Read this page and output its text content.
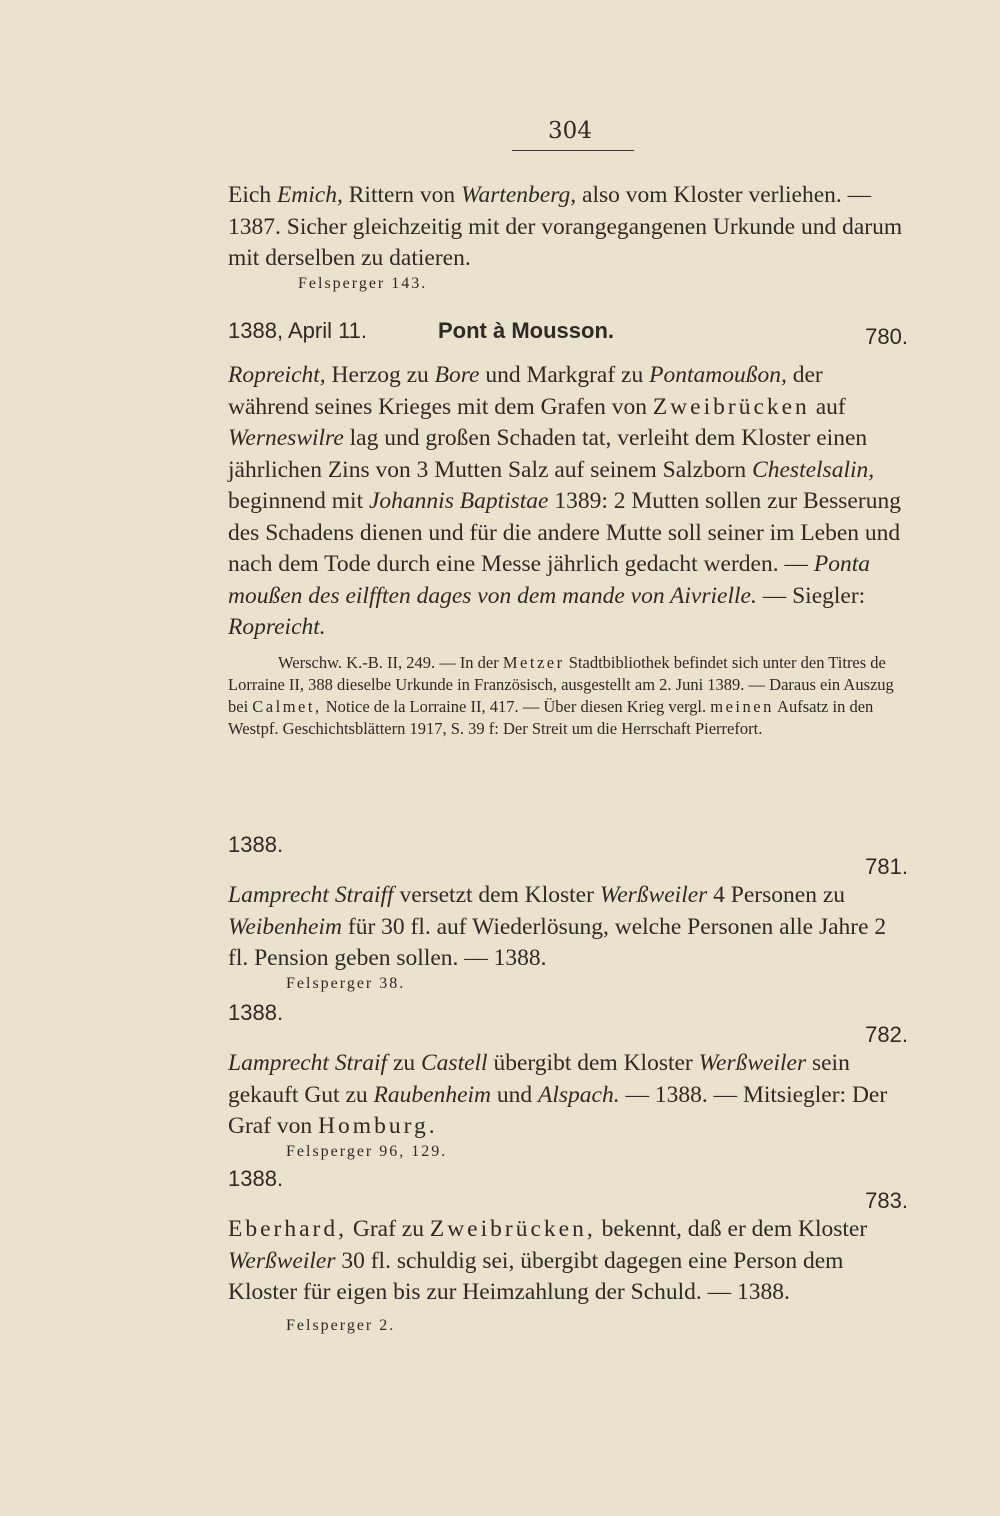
304

Eich Emich, Rittern von Wartenberg, also vom Kloster verliehen. — 1387. Sicher gleichzeitig mit der vorangegangenen Urkunde und darum mit derselben zu datieren.

Felsperger 143.
1388, April 11.	Pont à Mousson.	780.

Ropreicht, Herzog zu Bore und Markgraf zu Pontamoußon, der während seines Krieges mit dem Grafen von Zweibrücken auf Werneswilre lag und großen Schaden tat, verleiht dem Kloster einen jährlichen Zins von 3 Mutten Salz auf seinem Salzborn Chestelsalin, beginnend mit Johannis Baptistae 1389: 2 Mutten sollen zur Besserung des Schadens dienen und für die andere Mutte soll seiner im Leben und nach dem Tode durch eine Messe jährlich gedacht werden. — Ponta moußen des eilfften dages von dem mande von Aivrielle. — Siegler: Ropreicht.

Werschw. K.-B. II, 249. — In der Metzer Stadtbibliothek befindet sich unter den Titres de Lorraine II, 388 dieselbe Urkunde in Französisch, ausgestellt am 2. Juni 1389. — Daraus ein Auszug bei Calmet, Notice de la Lorraine II, 417. — Über diesen Krieg vergl. meinen Aufsatz in den Westpf. Geschichtsblättern 1917, S. 39 f: Der Streit um die Herrschaft Pierrefort.

1388.
781.

Lamprecht Straiff versetzt dem Kloster Werßweiler 4 Personen zu Weibenheim für 30 fl. auf Wiederlösung, welche Personen alle Jahre 2 fl. Pension geben sollen. — 1388.

Felsperger 38.
1388.
782.

Lamprecht Straif zu Castell übergibt dem Kloster Werßweiler sein gekauft Gut zu Raubenheim und Alspach. — 1388. — Mitsiegler: Der Graf von Homburg.

Felsperger 96, 129.
1388.
783.

Eberhard, Graf zu Zweibrücken, bekennt, daß er dem Kloster Werßweiler 30 fl. schuldig sei, übergibt dagegen eine Person dem Kloster für eigen bis zur Heimzahlung der Schuld. — 1388.

Felsperger 2.
